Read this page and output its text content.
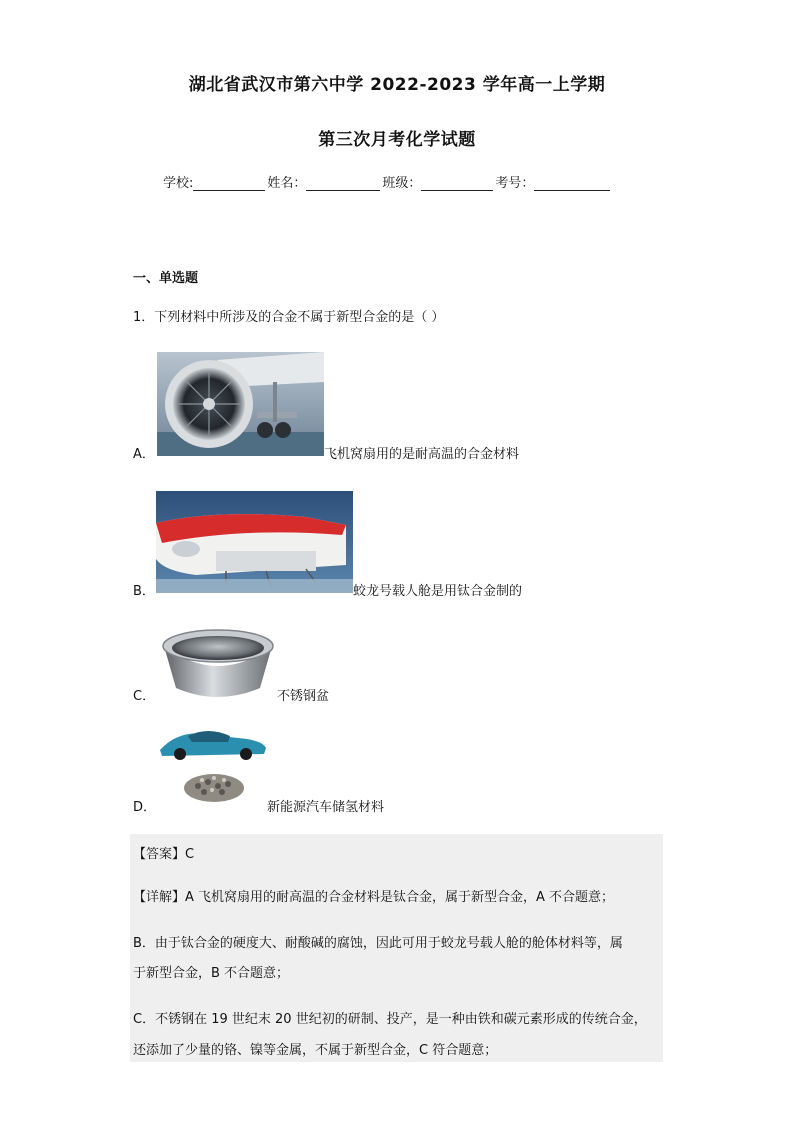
湖北省武汉市第六中学 2022-2023 学年高一上学期
第三次月考化学试题
学校:	姓名：	班级：	考号：
一、单选题
1．下列材料中所涉及的合金不属于新型合金的是（ ）
A．	飞机窝扇用的是耐高温的合金材料
B．	蛟龙号载人舱是用钛合金制的
C．	不锈钢盆
D．	新能源汽车储氢材料
【答案】C
【详解】A 飞机窝扇用的耐高温的合金材料是钛合金，属于新型合金，A 不合题意；
B．由于钛合金的硬度大、耐酸碱的腐蚀，因此可用于蛟龙号载人舱的舱体材料等，属
于新型合金，B 不合题意；
C．不锈钢在 19 世纪末 20 世纪初的研制、投产，是一种由铁和碳元素形成的传统合金，
还添加了少量的铬、镍等金属，不属于新型合金，C 符合题意；
